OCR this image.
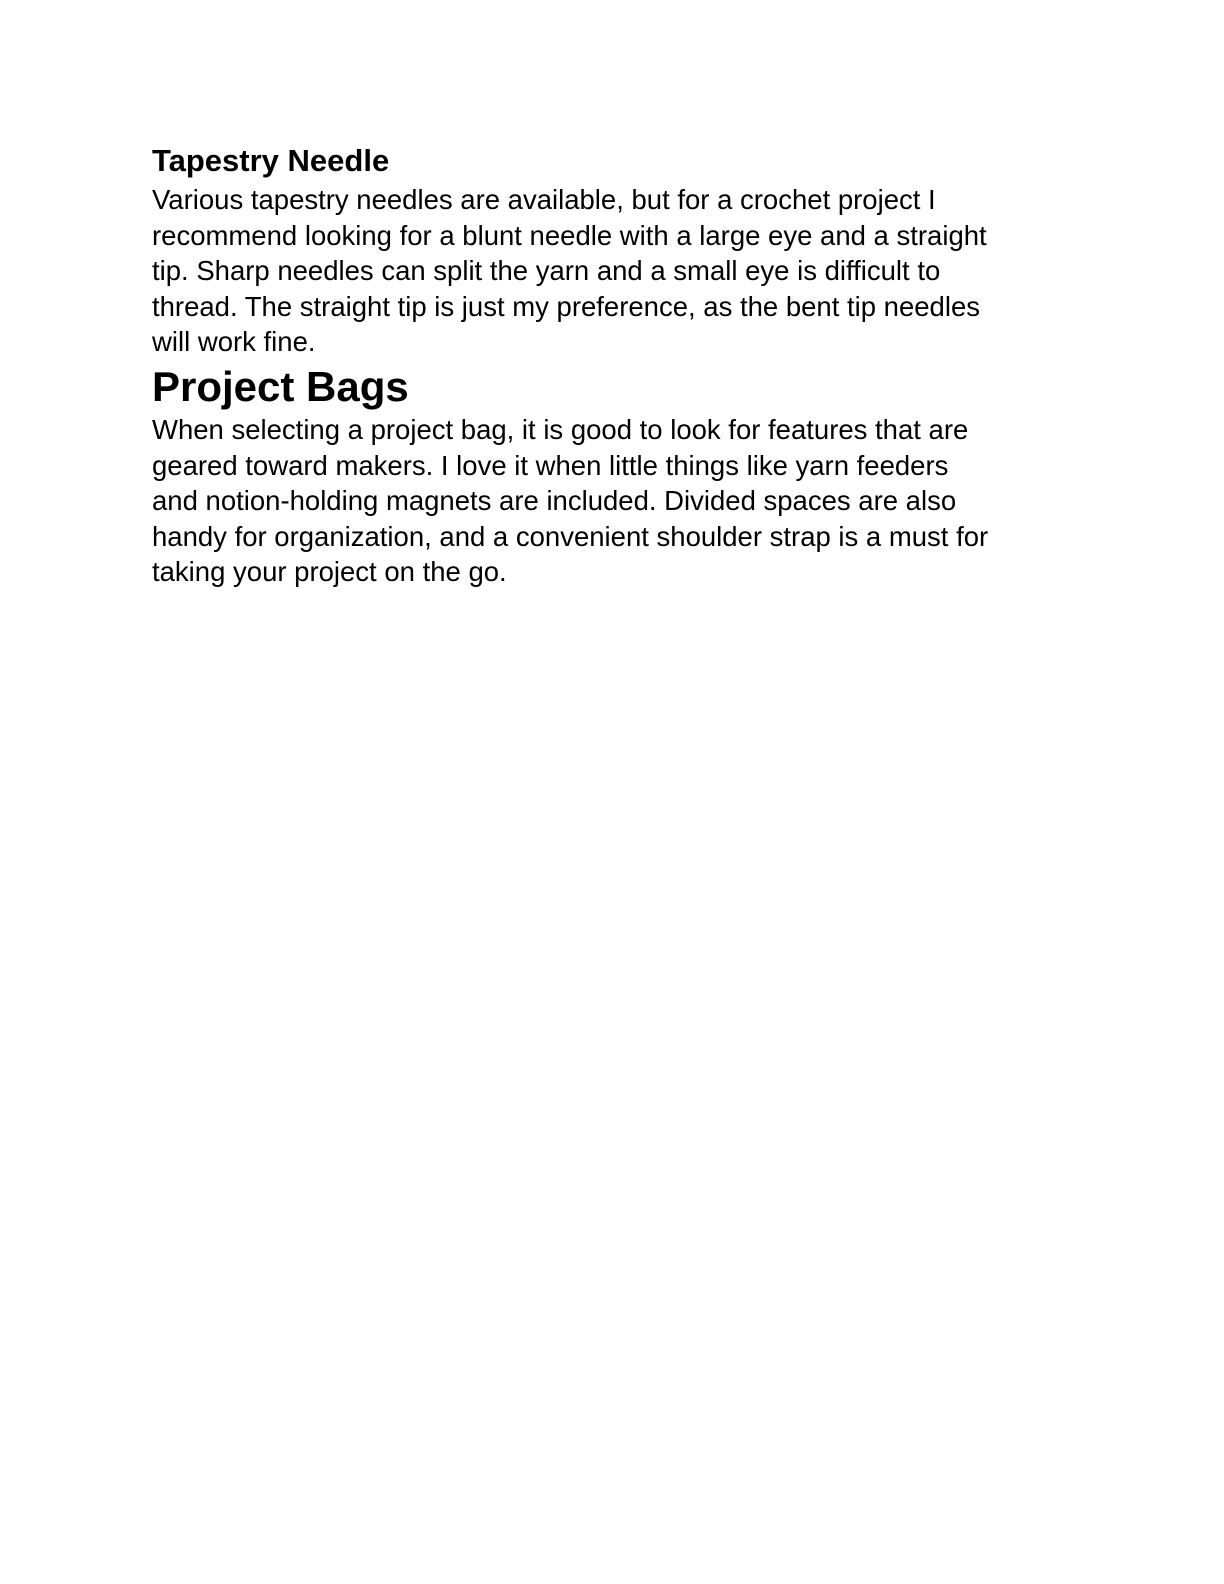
Tapestry Needle

Various tapestry needles are available, but for a crochet project I
recommend looking for a blunt needle with a large eye and a straight
tip. Sharp needles can split the yarn and a small eye is difficult to
thread. The straight tip is just my preference, as the bent tip needles
will work fine.

Project Bags

When selecting a project bag, it is good to look for features that are
geared toward makers. I love it when little things like yarn feeders
and notion-holding magnets are included. Divided spaces are also
handy for organization, and a convenient shoulder strap is a must for
taking your project on the go.
